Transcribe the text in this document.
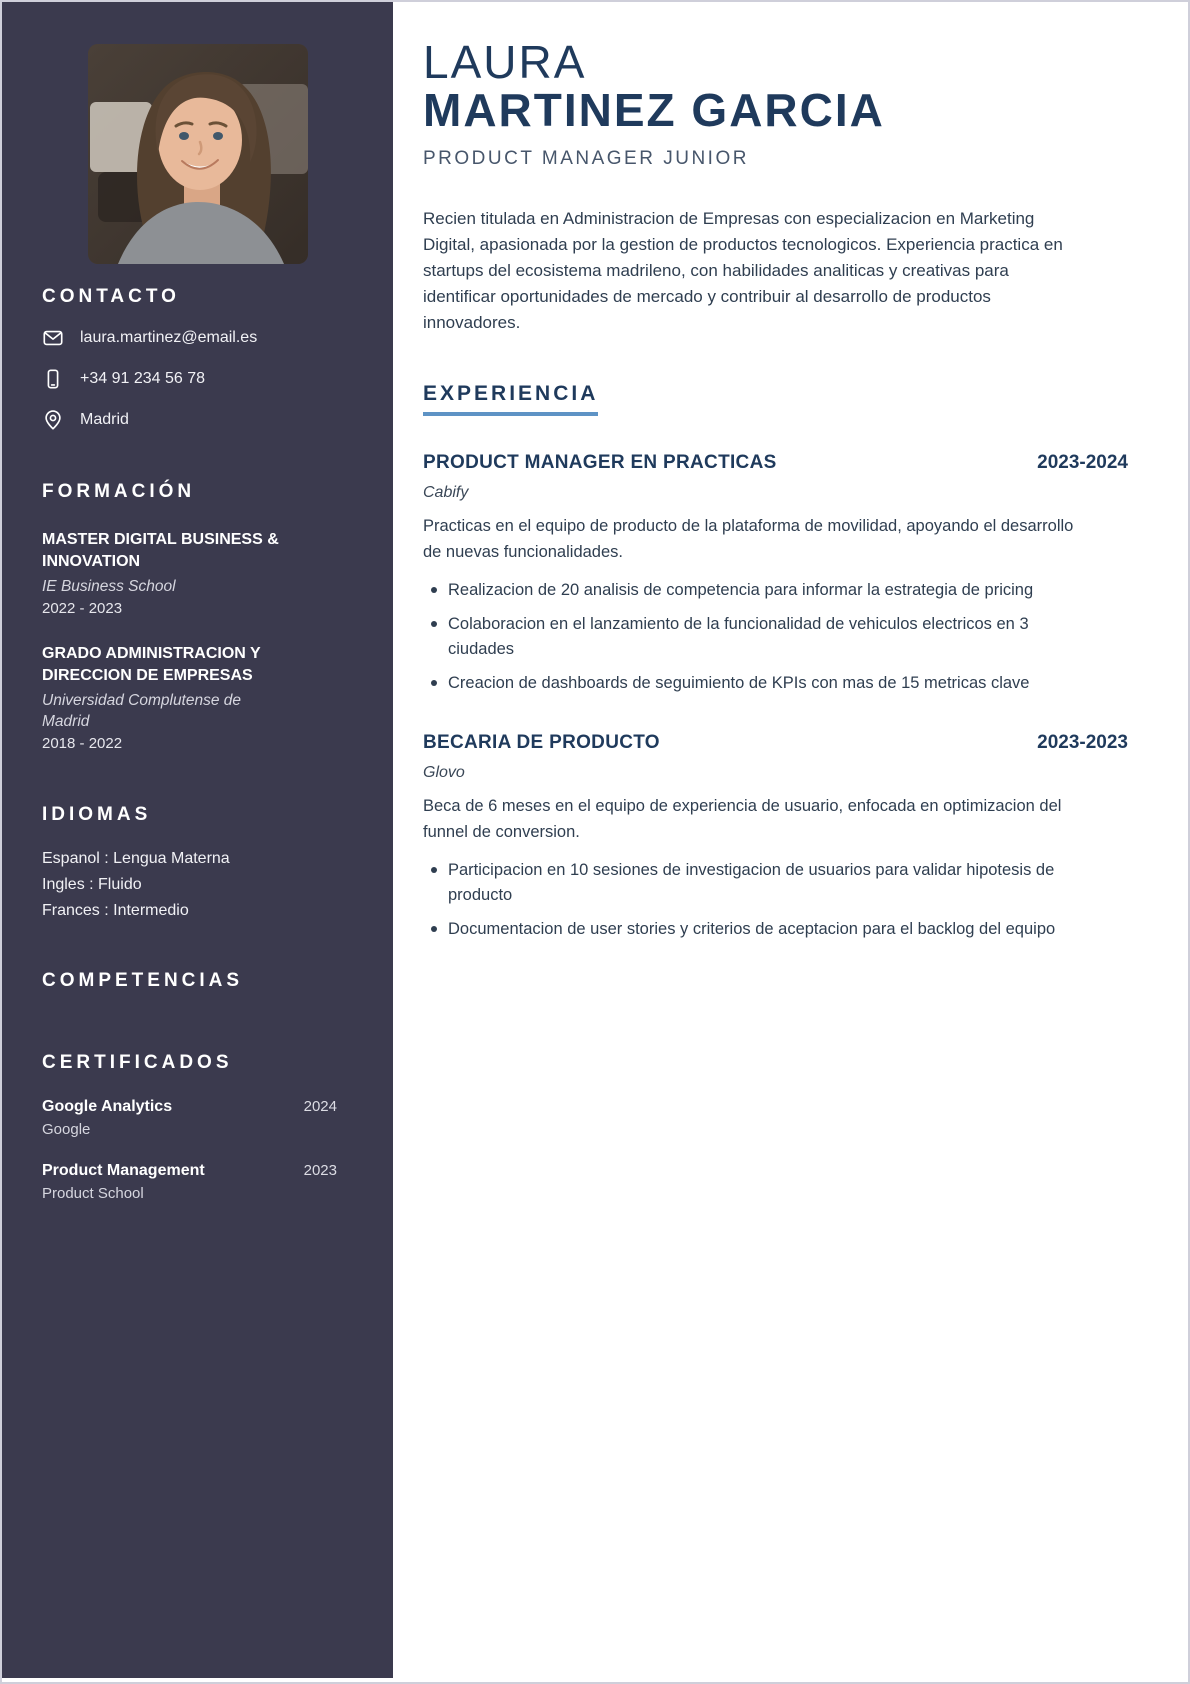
CONTACTO
laura.martinez@email.es
+34 91 234 56 78
Madrid
FORMACIÓN
MASTER DIGITAL BUSINESS & INNOVATION
IE Business School
2022 - 2023
GRADO ADMINISTRACION Y DIRECCION DE EMPRESAS
Universidad Complutense de Madrid
2018 - 2022
IDIOMAS
Espanol : Lengua Materna
Ingles : Fluido
Frances : Intermedio
COMPETENCIAS
CERTIFICADOS
Google Analytics	2024
Google
Product Management	2023
Product School
LAURA
MARTINEZ GARCIA
PRODUCT MANAGER JUNIOR

Recien titulada en Administracion de Empresas con especializacion en Marketing Digital, apasionada por la gestion de productos tecnologicos. Experiencia practica en startups del ecosistema madrileno, con habilidades analiticas y creativas para identificar oportunidades de mercado y contribuir al desarrollo de productos innovadores.

EXPERIENCIA
PRODUCT MANAGER EN PRACTICAS	2023-2024
Cabify

Practicas en el equipo de producto de la plataforma de movilidad, apoyando el desarrollo de nuevas funcionalidades.

Realizacion de 20 analisis de competencia para informar la estrategia de pricing
Colaboracion en el lanzamiento de la funcionalidad de vehiculos electricos en 3 ciudades
Creacion de dashboards de seguimiento de KPIs con mas de 15 metricas clave
BECARIA DE PRODUCTO	2023-2023
Glovo

Beca de 6 meses en el equipo de experiencia de usuario, enfocada en optimizacion del funnel de conversion.

Participacion en 10 sesiones de investigacion de usuarios para validar hipotesis de producto
Documentacion de user stories y criterios de aceptacion para el backlog del equipo
